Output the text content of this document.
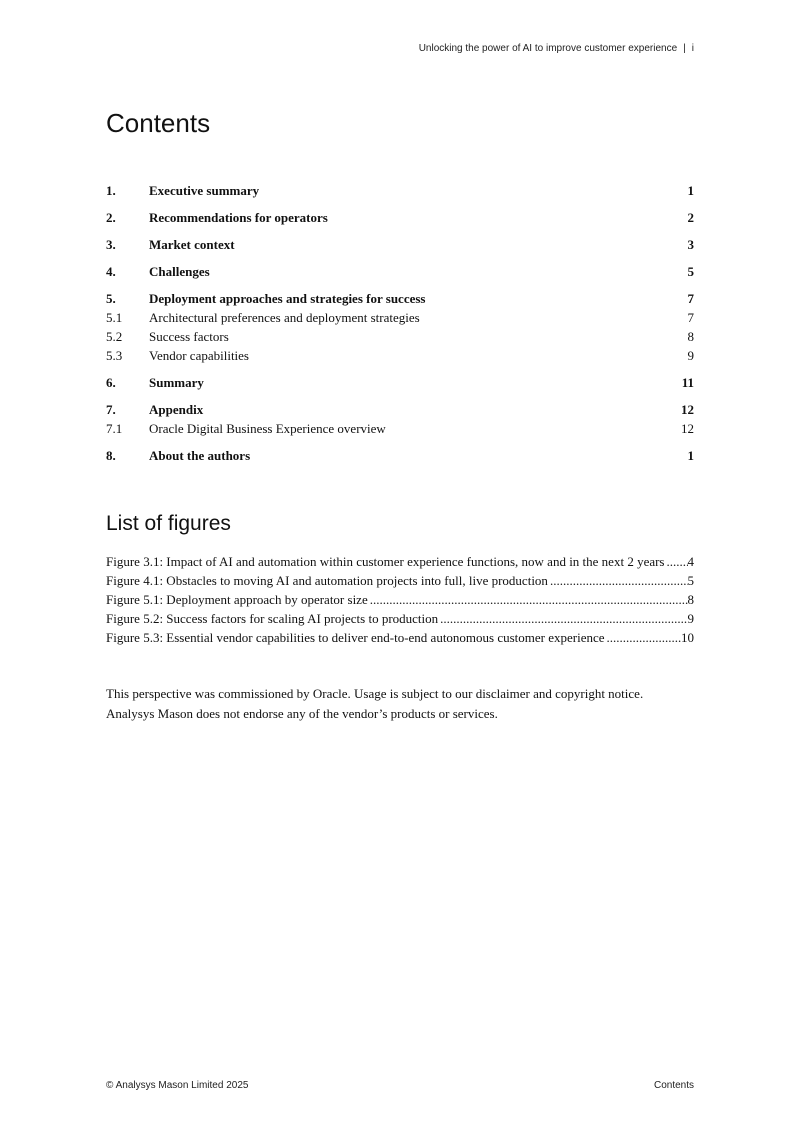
Unlocking the power of AI to improve customer experience | i
Contents
1.	Executive summary	1
2.	Recommendations for operators	2
3.	Market context	3
4.	Challenges	5
5.	Deployment approaches and strategies for success	7
5.1	Architectural preferences and deployment strategies	7
5.2	Success factors	8
5.3	Vendor capabilities	9
6.	Summary	11
7.	Appendix	12
7.1	Oracle Digital Business Experience overview	12
8.	About the authors	1
List of figures
Figure 3.1: Impact of AI and automation within customer experience functions, now and in the next 2 years ..... 4
Figure 4.1: Obstacles to moving AI and automation projects into full, live production .....	5
Figure 5.1: Deployment approach by operator size .....	8
Figure 5.2: Success factors for scaling AI projects to production .....	9
Figure 5.3: Essential vendor capabilities to deliver end-to-end autonomous customer experience .....	10

This perspective was commissioned by Oracle. Usage is subject to our disclaimer and copyright notice.

Analysys Mason does not endorse any of the vendor’s products or services.

© Analysys Mason Limited 2025	Contents
